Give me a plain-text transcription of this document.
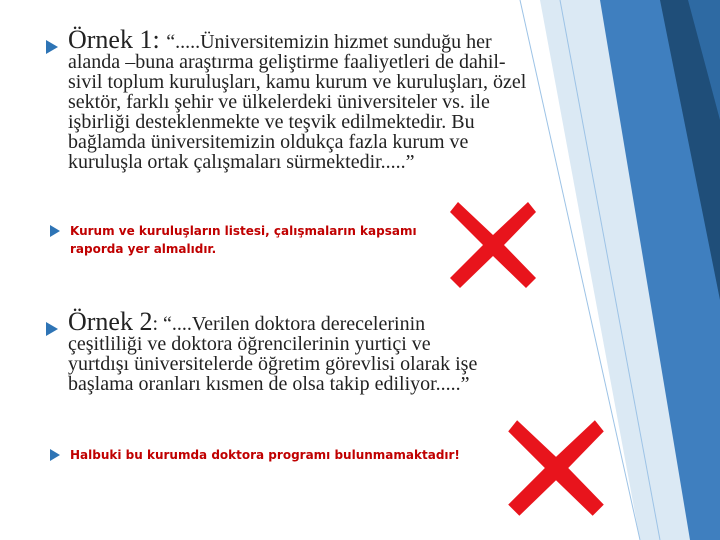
Örnek 1: “.....Üniversitemizin hizmet sunduğu her alanda –buna araştırma geliştirme faaliyetleri de dahil- sivil toplum kuruluşları, kamu kurum ve kuruluşları, özel sektör, farklı şehir ve ülkelerdeki üniversiteler vs. ile işbirliği desteklenmekte ve teşvik edilmektedir. Bu bağlamda üniversitemizin oldukça fazla kurum ve kuruluşla ortak çalışmaları sürmektedir.....”
Kurum ve kuruluşların listesi, çalışmaların kapsamı raporda yer almalıdır.
Örnek 2: “....Verilen doktora derecelerinin çeşitliliği ve doktora öğrencilerinin yurtiçi ve yurtdışı üniversitelerde öğretim görevlisi olarak işe başlama oranları kısmen de olsa takip ediliyor.....”
Halbuki bu kurumda doktora programı bulunmamaktadır!
